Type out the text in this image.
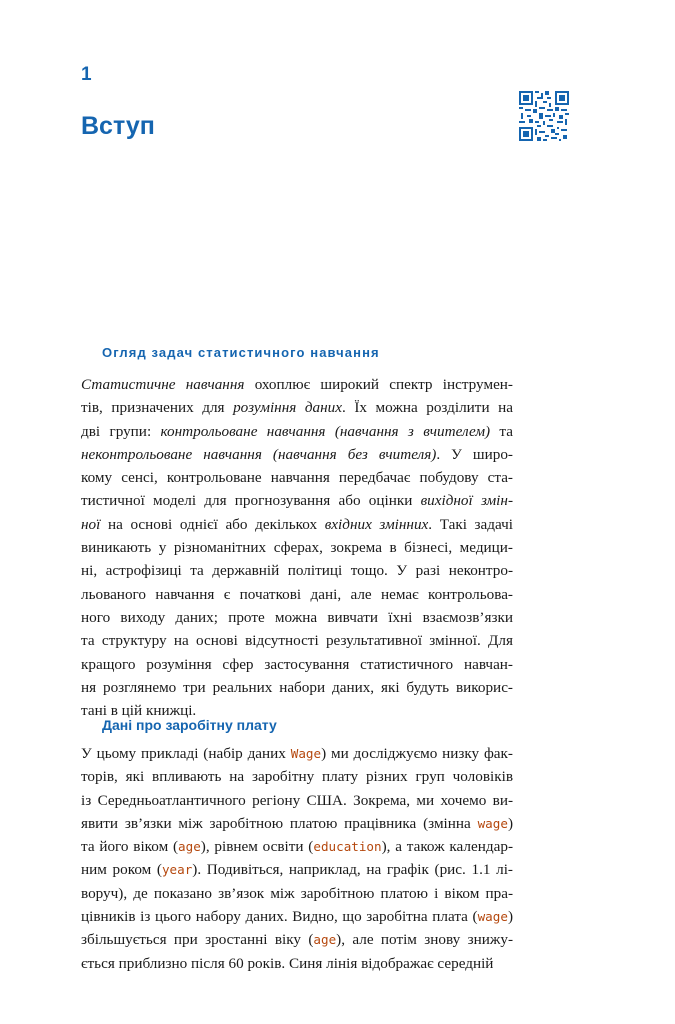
1
Вступ
Огляд задач статистичного навчання
Статистичне навчання охоплює широкий спектр інструмен-
тів, призначених для розуміння даних. Їх можна розділити на
дві групи: контрольоване навчання (навчання з вчителем) та
неконтрольоване навчання (навчання без вчителя). У широ-
кому сенсі, контрольоване навчання передбачає побудову ста-
тистичної моделі для прогнозування або оцінки вихідної змін-
ної на основі однієї або декількох вхідних змінних. Такі задачі
виникають у різноманітних сферах, зокрема в бізнесі, медици-
ні, астрофізиці та державній політиці тощо. У разі неконтро-
льованого навчання є початкові дані, але немає контрольова-
ного виходу даних; проте можна вивчати їхні взаємозв’язки
та структуру на основі відсутності результативної змінної. Для
кращого розуміння сфер застосування статистичного навчан-
ня розглянемо три реальних набори даних, які будуть викорис-
тані в цій книжці.
Дані про заробітну плату
У цьому прикладі (набір даних Wage) ми досліджуємо низку фак-
торів, які впливають на заробітну плату різних груп чоловіків
із Середньоатлантичного регіону США. Зокрема, ми хочемо ви-
явити зв’язки між заробітною платою працівника (змінна wage)
та його віком (age), рівнем освіти (education), а також календар-
ним роком (year). Подивіться, наприклад, на графік (рис. 1.1 лі-
воруч), де показано зв’язок між заробітною платою і віком пра-
цівників із цього набору даних. Видно, що заробітна плата (wage)
збільшується при зростанні віку (age), але потім знову знижу-
ється приблизно після 60 років. Синя лінія відображає середній
